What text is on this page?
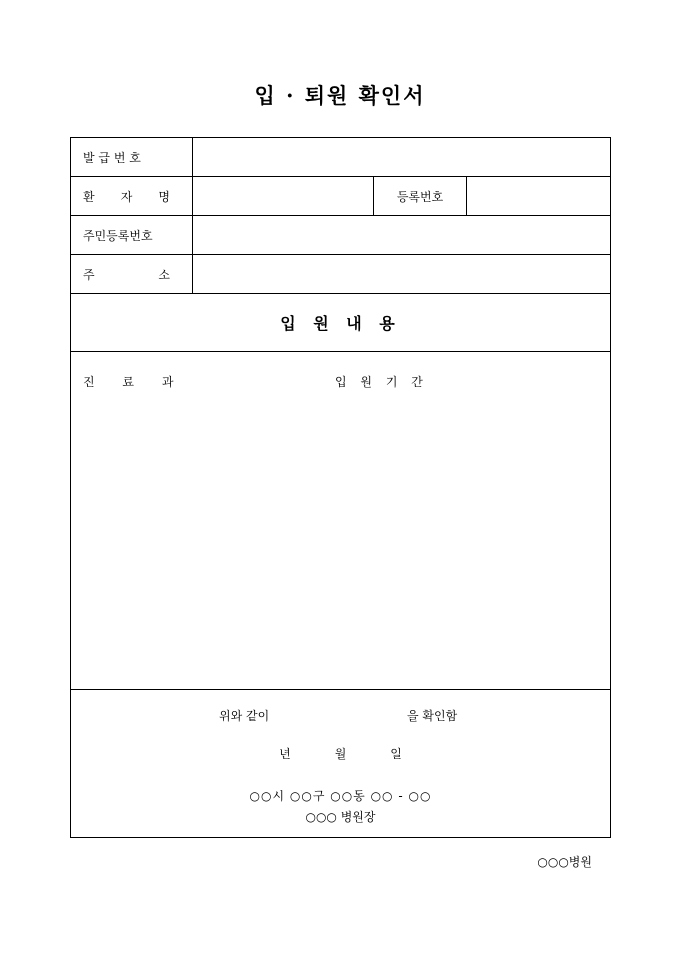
입 · 퇴원 확인서
발 급 번 호
환 자 명	등록번호
주민등록번호
주	소
입 원 내 용
진 료 과	입 원 기 간
위와 같이	을 확인함
년	월	일
○○시 ○○구 ○○동 ○○ - ○○
○○○ 병원장
○○○병원
